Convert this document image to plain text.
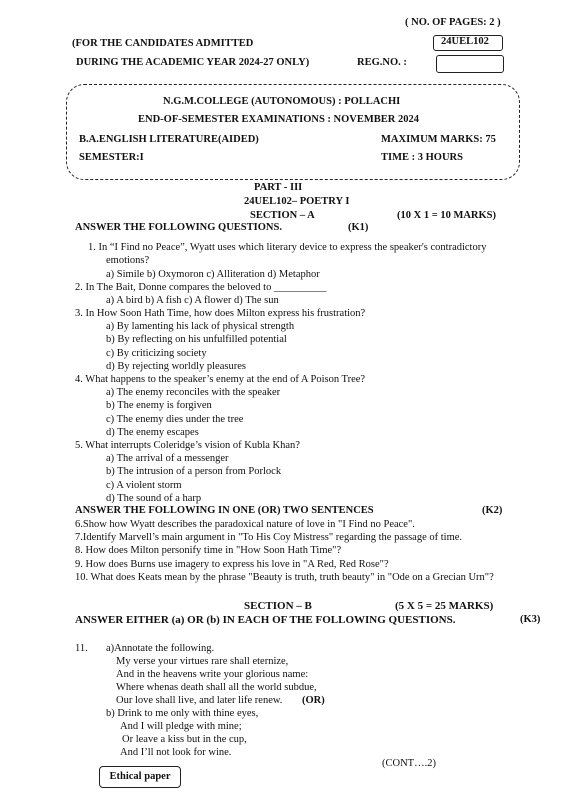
( NO. OF PAGES: 2 )
(FOR THE CANDIDATES ADMITTED	24UEL102
DURING THE ACADEMIC YEAR 2024-27 ONLY)	REG.NO. :
N.G.M.COLLEGE (AUTONOMOUS) : POLLACHI
END-OF-SEMESTER EXAMINATIONS : NOVEMBER 2024
B.A.ENGLISH LITERATURE(AIDED)	MAXIMUM MARKS: 75
SEMESTER:I	TIME : 3 HOURS
PART - III
24UEL102– POETRY I
SECTION – A	(10 X 1 = 10 MARKS)
ANSWER THE FOLLOWING QUESTIONS.	(K1)
1. In “I Find no Peace”, Wyatt uses which literary device to express the speaker's contradictory
emotions?
a) Simile b) Oxymoron c) Alliteration d) Metaphor
2. In The Bait, Donne compares the beloved to __________
a) A bird b) A fish c) A flower d) The sun
3. In How Soon Hath Time, how does Milton express his frustration?
a) By lamenting his lack of physical strength
b) By reflecting on his unfulfilled potential
c) By criticizing society
d) By rejecting worldly pleasures
4. What happens to the speaker’s enemy at the end of A Poison Tree?
a) The enemy reconciles with the speaker
b) The enemy is forgiven
c) The enemy dies under the tree
d) The enemy escapes
5. What interrupts Coleridge’s vision of Kubla Khan?
a) The arrival of a messenger
b) The intrusion of a person from Porlock
c) A violent storm
d) The sound of a harp
ANSWER THE FOLLOWING IN ONE (OR) TWO SENTENCES	(K2)
6.Show how Wyatt describes the paradoxical nature of love in "I Find no Peace".
7.Identify Marvell’s main argument in "To His Coy Mistress" regarding the passage of time.
8. How does Milton personify time in "How Soon Hath Time"?
9. How does Burns use imagery to express his love in "A Red, Red Rose"?
10. What does Keats mean by the phrase "Beauty is truth, truth beauty" in "Ode on a Grecian Urn"?
SECTION – B	(5 X 5 = 25 MARKS)
ANSWER EITHER (a) OR (b) IN EACH OF THE FOLLOWING QUESTIONS.	(K3)
11. a)Annotate the following.
My verse your virtues rare shall eternize,
And in the heavens write your glorious name:
Where whenas death shall all the world subdue,
Our love shall live, and later life renew. (OR)
b) Drink to me only with thine eyes,
And I will pledge with mine;
Or leave a kiss but in the cup,
And I’ll not look for wine.
(CONT….2)
Ethical paper
